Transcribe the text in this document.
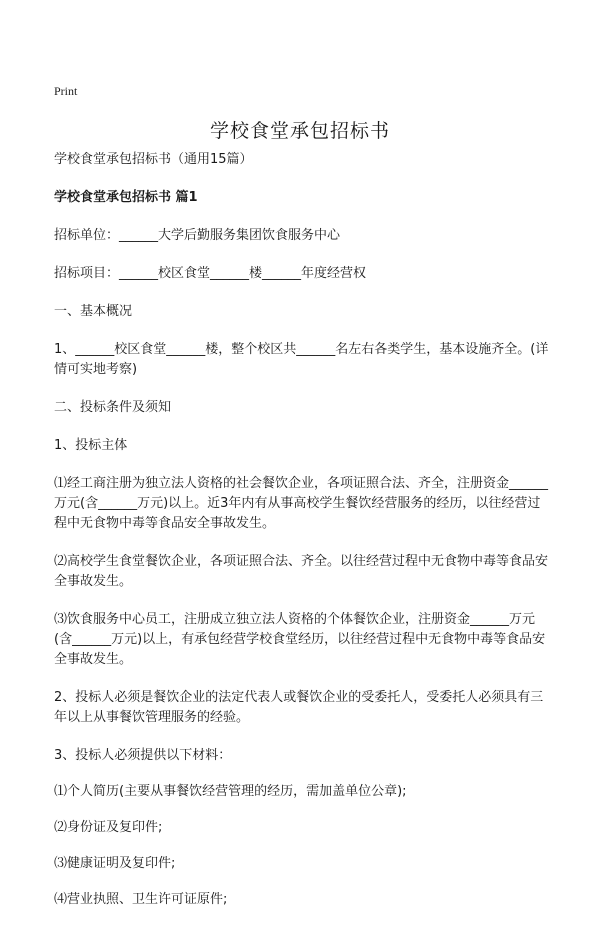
Print
学校食堂承包招标书

学校食堂承包招标书（通用15篇）

学校食堂承包招标书 篇1

招标单位：______大学后勤服务集团饮食服务中心

招标项目：______校区食堂______楼______年度经营权

一、基本概况

1、______校区食堂______楼，整个校区共______名左右各类学生，基本设施齐全。(详情可实地考察)

二、投标条件及须知

1、投标主体

⑴经工商注册为独立法人资格的社会餐饮企业，各项证照合法、齐全，注册资金______万元(含______万元)以上。近3年内有从事高校学生餐饮经营服务的经历，以往经营过程中无食物中毒等食品安全事故发生。

⑵高校学生食堂餐饮企业，各项证照合法、齐全。以往经营过程中无食物中毒等食品安全事故发生。

⑶饮食服务中心员工，注册成立独立法人资格的个体餐饮企业，注册资金______万元(含______万元)以上，有承包经营学校食堂经历，以往经营过程中无食物中毒等食品安全事故发生。

2、投标人必须是餐饮企业的法定代表人或餐饮企业的受委托人，受委托人必须具有三年以上从事餐饮管理服务的经验。

3、投标人必须提供以下材料：

⑴个人简历(主要从事餐饮经营管理的经历，需加盖单位公章);

⑵身份证及复印件;

⑶健康证明及复印件;

⑷营业执照、卫生许可证原件;
